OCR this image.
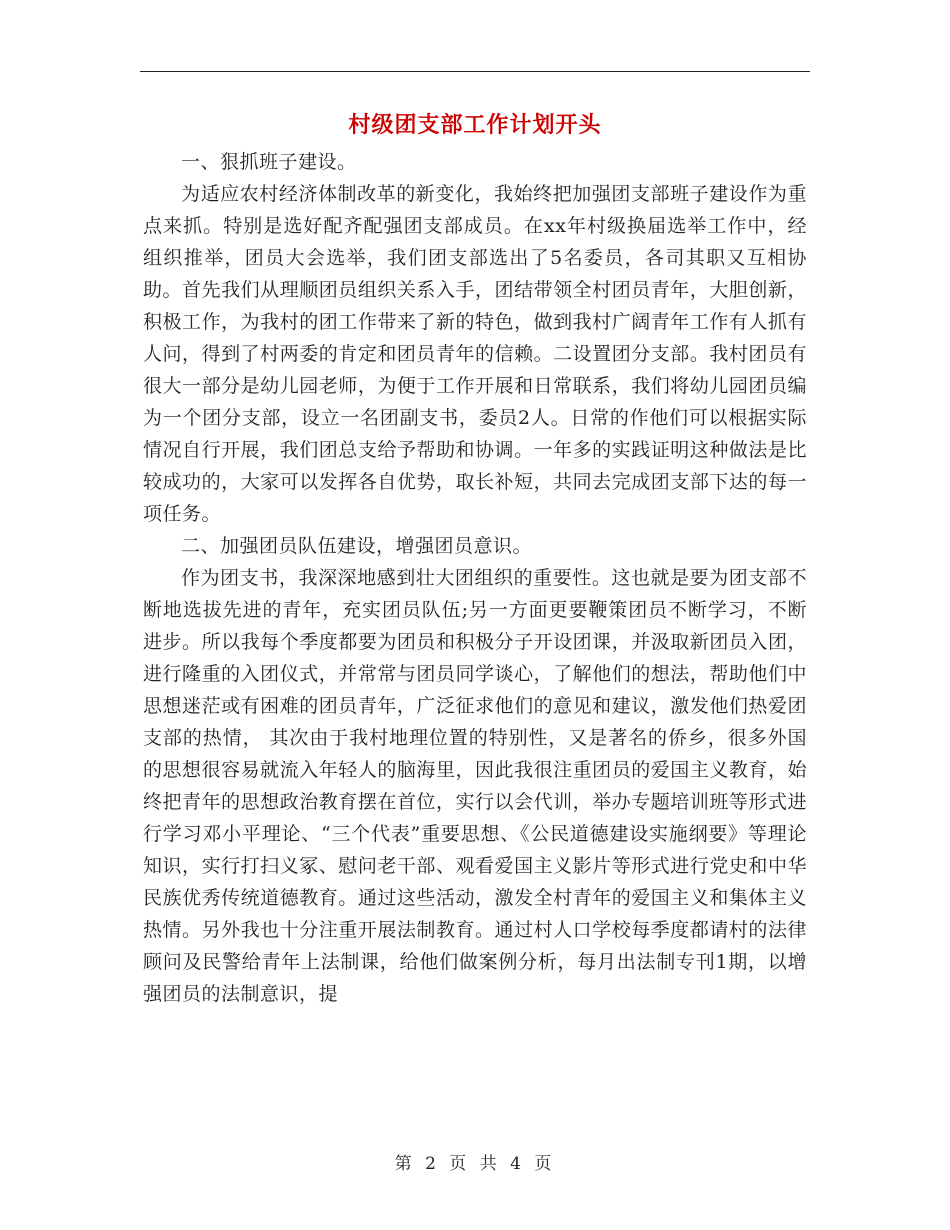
村级团支部工作计划开头

一、狠抓班子建设。

为适应农村经济体制改革的新变化，我始终把加强团支部班子建设作为重点来抓。特别是选好配齐配强团支部成员。在xx年村级换届选举工作中，经组织推举，团员大会选举，我们团支部选出了5名委员，各司其职又互相协助。首先我们从理顺团员组织关系入手，团结带领全村团员青年，大胆创新，积极工作，为我村的团工作带来了新的特色，做到我村广阔青年工作有人抓有人问，得到了村两委的肯定和团员青年的信赖。二设置团分支部。我村团员有很大一部分是幼儿园老师，为便于工作开展和日常联系，我们将幼儿园团员编为一个团分支部，设立一名团副支书，委员2人。日常的作他们可以根据实际情况自行开展，我们团总支给予帮助和协调。一年多的实践证明这种做法是比较成功的，大家可以发挥各自优势，取长补短，共同去完成团支部下达的每一项任务。

二、加强团员队伍建设，增强团员意识。

作为团支书，我深深地感到壮大团组织的重要性。这也就是要为团支部不断地选拔先进的青年，充实团员队伍;另一方面更要鞭策团员不断学习，不断进步。所以我每个季度都要为团员和积极分子开设团课，并汲取新团员入团，进行隆重的入团仪式，并常常与团员同学谈心，了解他们的想法，帮助他们中思想迷茫或有困难的团员青年，广泛征求他们的意见和建议，激发他们热爱团支部的热情， 其次由于我村地理位置的特别性，又是著名的侨乡，很多外国的思想很容易就流入年轻人的脑海里，因此我很注重团员的爱国主义教育，始终把青年的思想政治教育摆在首位，实行以会代训，举办专题培训班等形式进行学习邓小平理论、“三个代表”重要思想、《公民道德建设实施纲要》等理论知识，实行打扫义冢、慰问老干部、观看爱国主义影片等形式进行党史和中华民族优秀传统道德教育。通过这些活动，激发全村青年的爱国主义和集体主义热情。另外我也十分注重开展法制教育。通过村人口学校每季度都请村的法律顾问及民警给青年上法制课，给他们做案例分析，每月出法制专刊1期，以增强团员的法制意识，提

第 2 页 共 4 页
